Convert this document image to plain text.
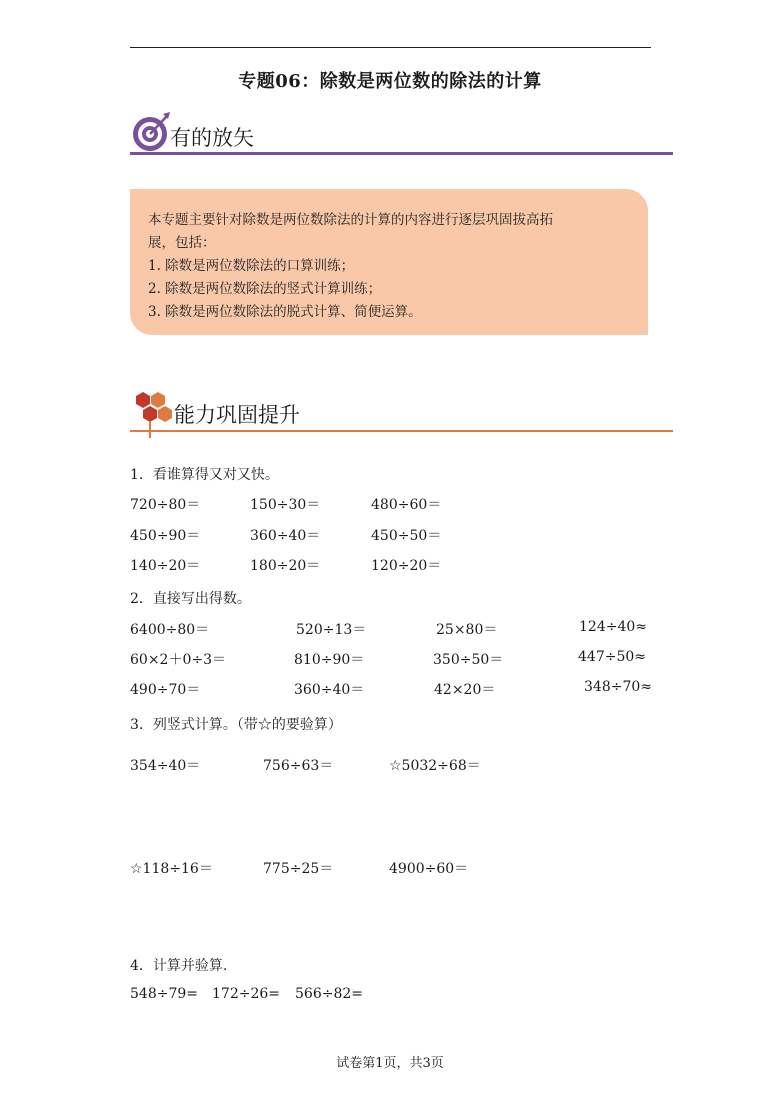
专题06：除数是两位数的除法的计算
有的放矢
本专题主要针对除数是两位数除法的计算的内容进行逐层巩固拔高拓
展，包括：
1. 除数是两位数除法的口算训练；
2. 除数是两位数除法的竖式计算训练；
3. 除数是两位数除法的脱式计算、简便运算。
能力巩固提升
1．看谁算得又对又快。
720÷80＝	150÷30＝	480÷60＝
450÷90＝	360÷40＝	450÷50＝
140÷20＝	180÷20＝	120÷20＝
2．直接写出得数。
6400÷80＝	520÷13＝	25×80＝	124÷40≈
60×2＋0÷3＝	810÷90＝	350÷50＝	447÷50≈
490÷70＝	360÷40＝	42×20＝	348÷70≈
3．列竖式计算。（带☆的要验算）
354÷40＝	756÷63＝	☆5032÷68＝
☆118÷16＝	775÷25＝	4900÷60＝
4．计算并验算.
548÷79= 172÷26= 566÷82=
试卷第1页，共3页
